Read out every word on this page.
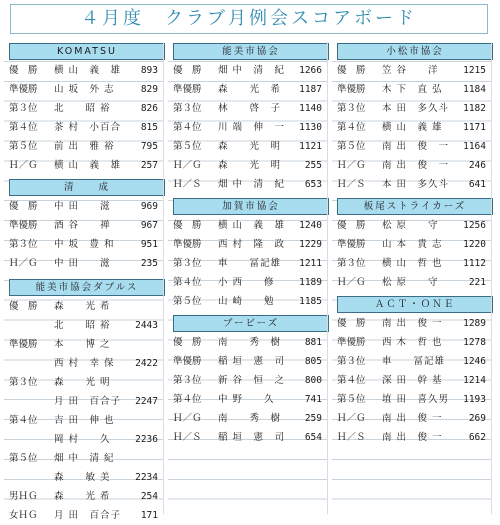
４月度　クラブ月例会スコアボード
KOMATSU
優　勝 横 山　義　雄 893
準優勝 山 坂　外 志	829
第３位 北　　昭 裕	826
第４位 茶 村　小百合 815
第５位 前 出　雅 裕	795
Ｈ／Ｇ 横 山　義　雄 257
清　　成
優　勝 中 田　　滋	969
準優勝 酒 谷　　禅	967
第３位 中 坂　豊 和	951
Ｈ／Ｇ 中 田　　滋	235
能美市協会ダブルス
優　勝 森　　光 希
北　　昭 裕	2443
準優勝 本　　博 之
西 村　幸 保 2422
第３位 森　　光 明
月 田　百合子 2247
第４位 吉 田　伸 也
岡 村　　久	2236
第５位 畑 中　清 紀
森　　敏 美	2234
男ＨＧ 森　　光 希	254
女ＨＧ 月 田　百合子 171
能美市協会
優　勝 畑 中　清　紀 1266
準優勝 森　　光　希 1187
第３位 林　　啓　子 1140
第４位 川 端　伸　一 1130
第５位 森　　光　明 1121
Ｈ／Ｇ 森　　光　明	255
Ｈ／Ｓ 畑 中　清　紀 653
加賀市協会
優　勝 横 山　義　雄 1240
準優勝 西 村　隆　政 1229
第３位 車　　冨記雄 1211
第４位 小 西　　修	1189
第５位 山 崎　　勉	1185
ブービーズ
優　勝 南　　秀　樹	881
準優勝 稲 垣　憲　司 805
第３位 新 谷　恒　之 800
第４位 中 野　　久	741
Ｈ／Ｇ 南　　秀　樹	259
Ｈ／Ｓ 稲 垣　憲　司 654
小松市協会
優　勝 笠 谷　　洋	1215
準優勝 木 下　直 弘 1184
第３位 本 田　多久斗 1182
第４位 横 山　義 雄 1171
第５位 南 出　俊　一 1164
Ｈ／Ｇ 南 出　俊　一 246
Ｈ／Ｓ 本 田　多久斗 641
板尾ストライカーズ
優　勝 松 原　　守	1256
準優勝 山 本　貴 志 1220
第３位 横 山　哲 也 1112
Ｈ／Ｇ 松 原　　守	221
ＡＣＴ・ＯＮＥ
優　勝 南 出　俊 一 1289
準優勝 西 木　哲 也 1278
第３位 車　　冨記雄 1246
第４位 深 田　幹 基 1214
第５位 埴 田　喜久男 1193
Ｈ／Ｇ 南 出　俊 一	269
Ｈ／Ｓ 南 出　俊 一	662
